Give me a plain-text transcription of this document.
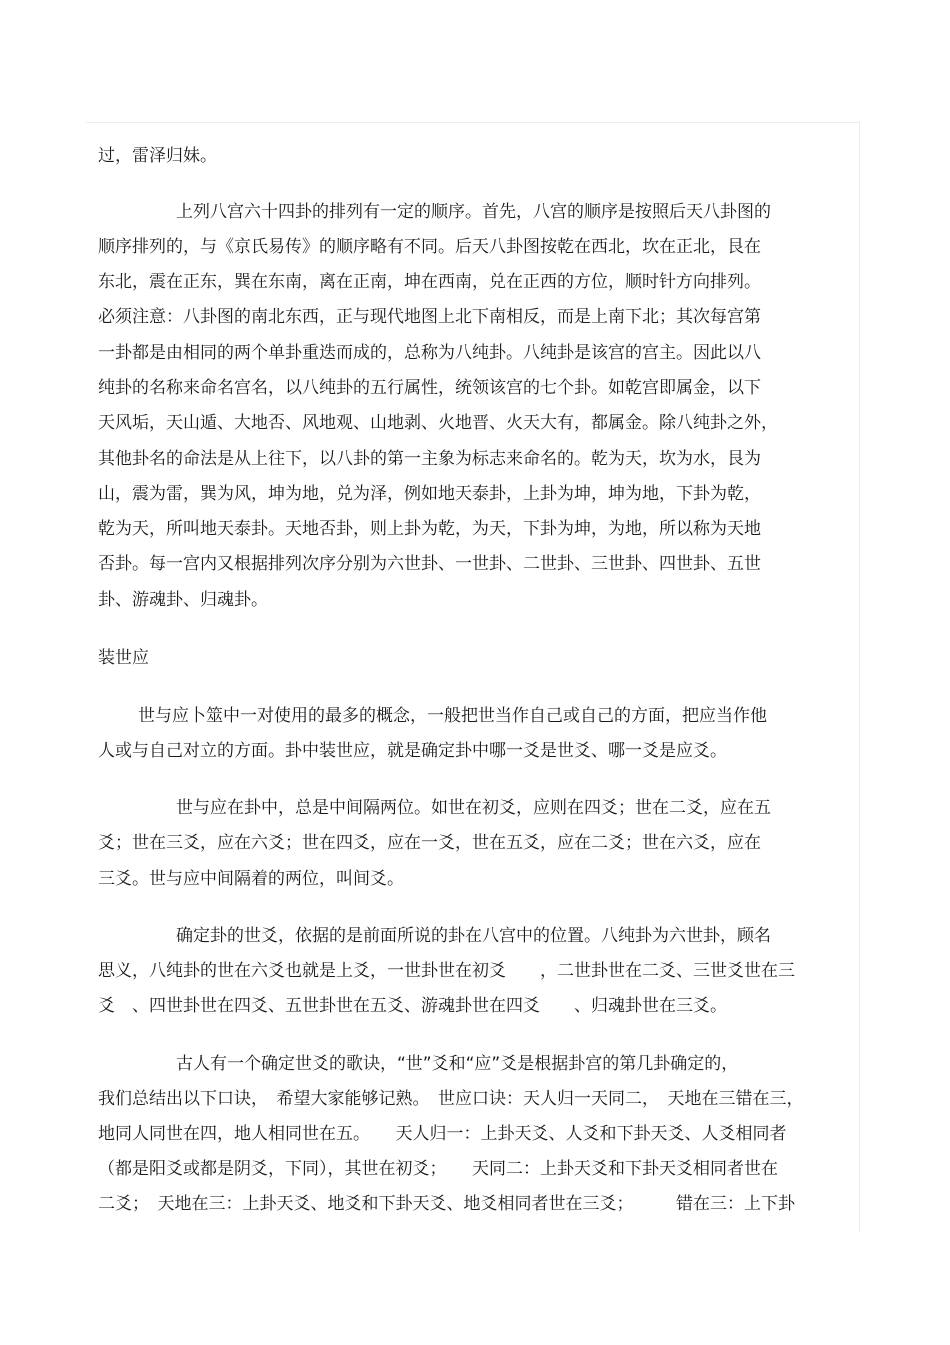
过，雷泽归妹。

上列八宫六十四卦的排列有一定的顺序。首先，八宫的顺序是按照后天八卦图的

顺序排列的，与《京氏易传》的顺序略有不同。后天八卦图按乾在西北，坎在正北，艮在

东北，震在正东，巽在东南，离在正南，坤在西南，兑在正西的方位，顺时针方向排列。

必须注意：八卦图的南北东西，正与现代地图上北下南相反，而是上南下北；其次每宫第

一卦都是由相同的两个单卦重迭而成的，总称为八纯卦。八纯卦是该宫的宫主。因此以八

纯卦的名称来命名宫名，以八纯卦的五行属性，统领该宫的七个卦。如乾宫即属金，以下

天风垢，天山遁、大地否、风地观、山地剥、火地晋、火天大有，都属金。除八纯卦之外，

其他卦名的命法是从上往下，以八卦的第一主象为标志来命名的。乾为天，坎为水，艮为

山，震为雷，巽为风，坤为地，兑为泽，例如地天泰卦，上卦为坤，坤为地，下卦为乾，

乾为天，所叫地天泰卦。天地否卦，则上卦为乾，为天，下卦为坤，为地，所以称为天地

否卦。每一宫内又根据排列次序分别为六世卦、一世卦、二世卦、三世卦、四世卦、五世

卦、游魂卦、归魂卦。

装世应

世与应卜筮中一对使用的最多的概念，一般把世当作自己或自己的方面，把应当作他

人或与自己对立的方面。卦中装世应，就是确定卦中哪一爻是世爻、哪一爻是应爻。

世与应在卦中，总是中间隔两位。如世在初爻，应则在四爻；世在二爻，应在五

爻；世在三爻，应在六爻；世在四爻，应在一爻，世在五爻，应在二爻；世在六爻，应在

三爻。世与应中间隔着的两位，叫间爻。

确定卦的世爻，依据的是前面所说的卦在八宫中的位置。八纯卦为六世卦，顾名

思义，八纯卦的世在六爻也就是上爻，一世卦世在初爻　　，二世卦世在二爻、三世爻世在三

爻　、四世卦世在四爻、五世卦世在五爻、游魂卦世在四爻　　、归魂卦世在三爻。

古人有一个确定世爻的歌诀，“世”爻和“应”爻是根据卦宫的第几卦确定的，

我们总结出以下口诀，　希望大家能够记熟。　世应口诀：天人归一天同二，　天地在三错在三，

地同人同世在四，地人相同世在五。　　天人归一：上卦天爻、人爻和下卦天爻、人爻相同者

（都是阳爻或都是阴爻，下同），其世在初爻；　　天同二：上卦天爻和下卦天爻相同者世在

二爻；　天地在三：上卦天爻、地爻和下卦天爻、地爻相同者世在三爻；　　　错在三：上下卦
